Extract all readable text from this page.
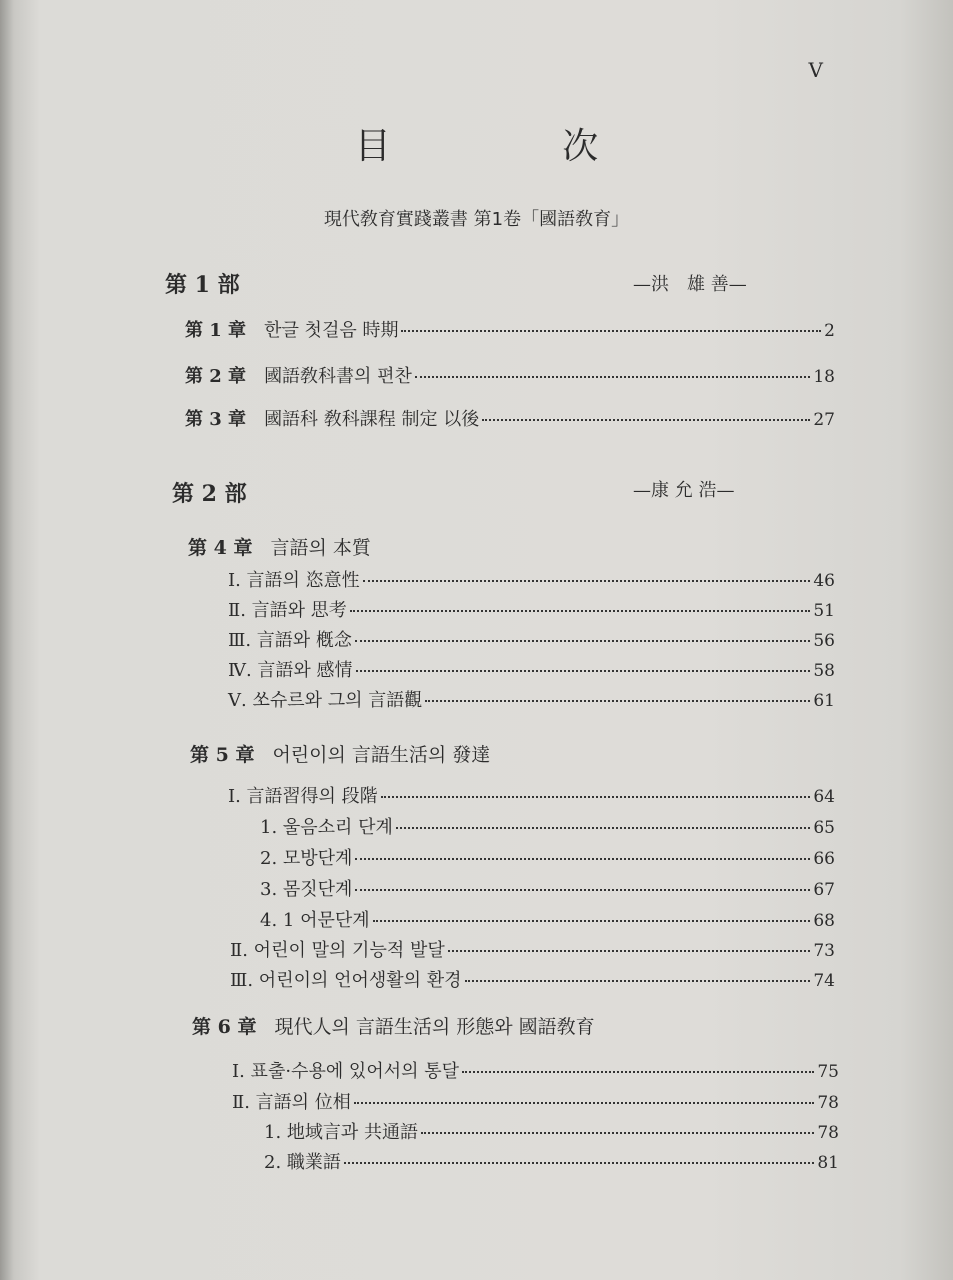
V
目 次
現代敎育實踐叢書 第1卷「國語敎育」
第 1 部	—洪　雄 善—
第 1 章 한글 첫걸음 時期	2
第 2 章 國語敎科書의 편찬	18
第 3 章 國語科 敎科課程 制定 以後	27
第 2 部	—康 允 浩—
第 4 章 言語의 本質
Ⅰ. 言語의 恣意性	46
Ⅱ. 言語와 思考	51
Ⅲ. 言語와 槪念	56
Ⅳ. 言語와 感情	58
Ⅴ. 쏘슈르와 그의 言語觀	61
第 5 章 어린이의 言語生活의 發達
Ⅰ. 言語習得의 段階	64
1. 울음소리 단계	65
2. 모방단계	66
3. 몸짓단계	67
4. 1 어문단계	68
Ⅱ. 어린이 말의 기능적 발달	73
Ⅲ. 어린이의 언어생활의 환경	74
第 6 章 現代人의 言語生活의 形態와 國語敎育
Ⅰ. 표출·수용에 있어서의 통달	75
Ⅱ. 言語의 位相	78
1. 地域言과 共通語	78
2. 職業語	81
